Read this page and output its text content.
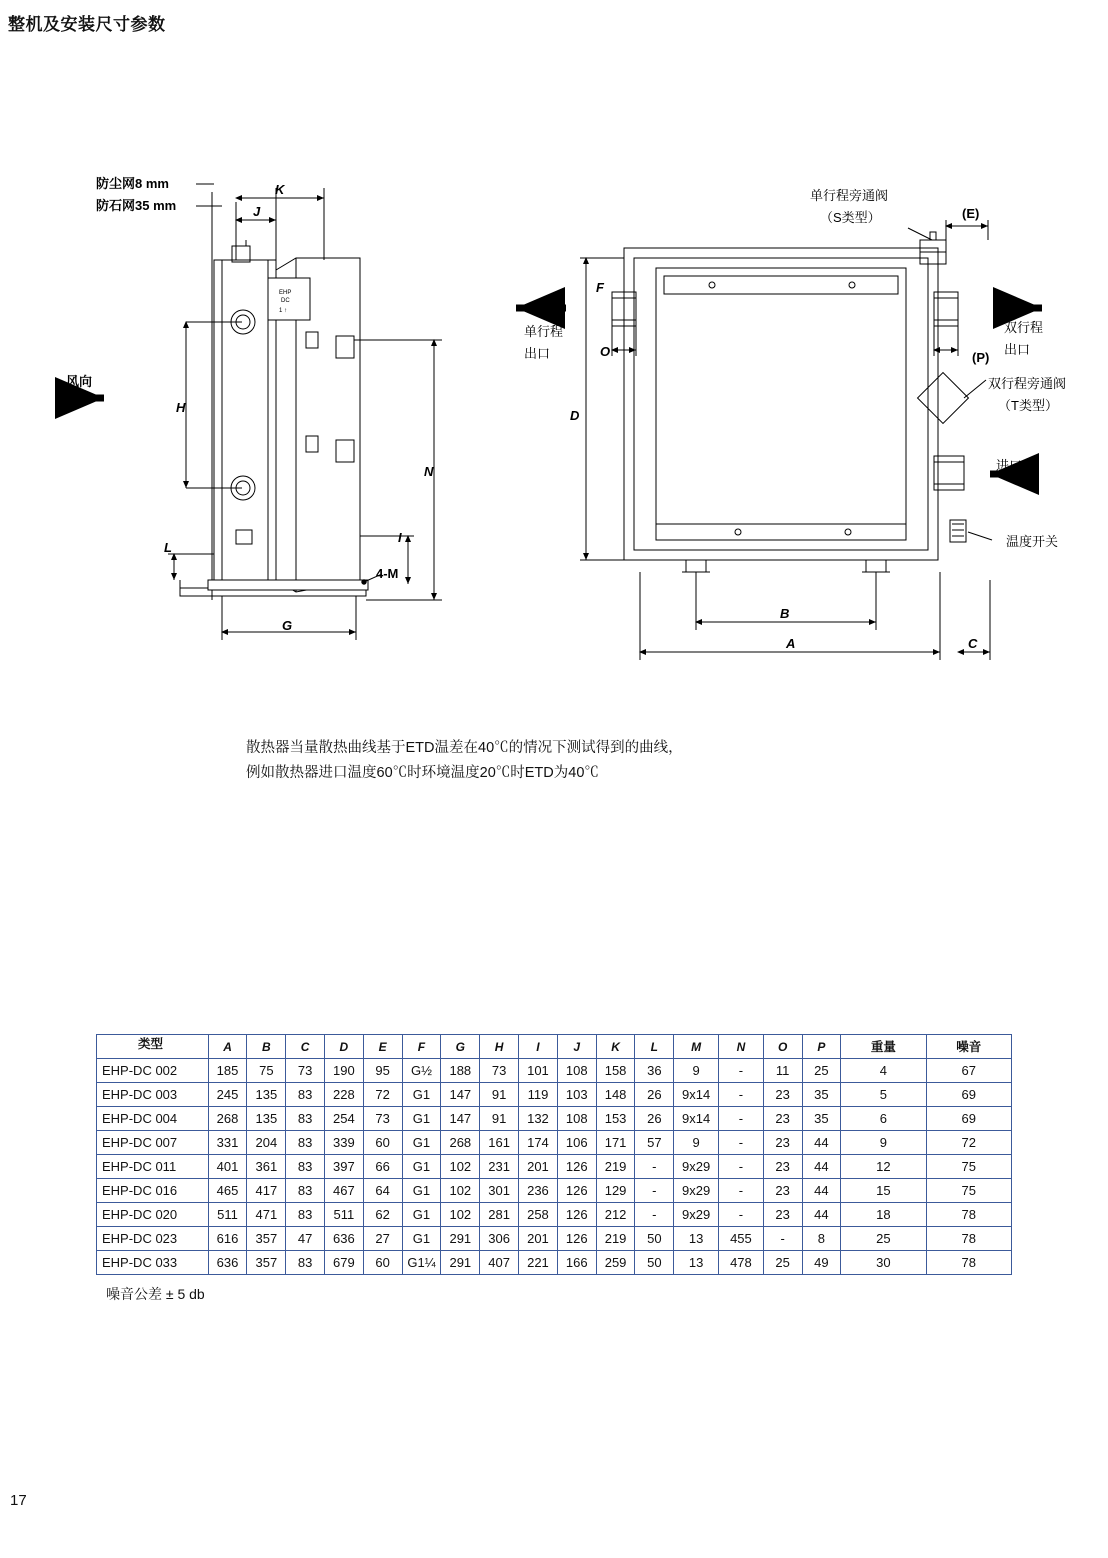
整机及安装尺寸参数
EHP
DC
1 ↑
防尘网8 mm
防石网35 mm
风向
K
J
H
N
L
I
G
4-M
单行程旁通阀
（S类型）
单行程
出口
双行程
出口
双行程旁通阀
（T类型）
进口
温度开关
(E)
F
O	(P)
D
B
A	C
散热器当量散热曲线基于ETD温差在40℃的情况下测试得到的曲线，
例如散热器进口温度60℃时环境温度20℃时ETD为40℃
类型	A	B	C	D	E	F	G	H	I	J	K	L	M	N	O	P	重量	噪音
EHP-DC 002	185	75	73	190	95	G½	188	73	101	108	158	36	9	-	11	25	4	67
EHP-DC 003	245	135	83	228	72	G1	147	91	119	103	148	26	9x14	-	23	35	5	69
EHP-DC 004	268	135	83	254	73	G1	147	91	132	108	153	26	9x14	-	23	35	6	69
EHP-DC 007	331	204	83	339	60	G1	268	161	174	106	171	57	9	-	23	44	9	72
EHP-DC 011	401	361	83	397	66	G1	102	231	201	126	219	-	9x29	-	23	44	12	75
EHP-DC 016	465	417	83	467	64	G1	102	301	236	126	129	-	9x29	-	23	44	15	75
EHP-DC 020	511	471	83	511	62	G1	102	281	258	126	212	-	9x29	-	23	44	18	78
EHP-DC 023	616	357	47	636	27	G1	291	306	201	126	219	50	13	455	-	8	25	78
EHP-DC 033	636	357	83	679	60	G1¼	291	407	221	166	259	50	13	478	25	49	30	78
噪音公差 ± 5 db
17
